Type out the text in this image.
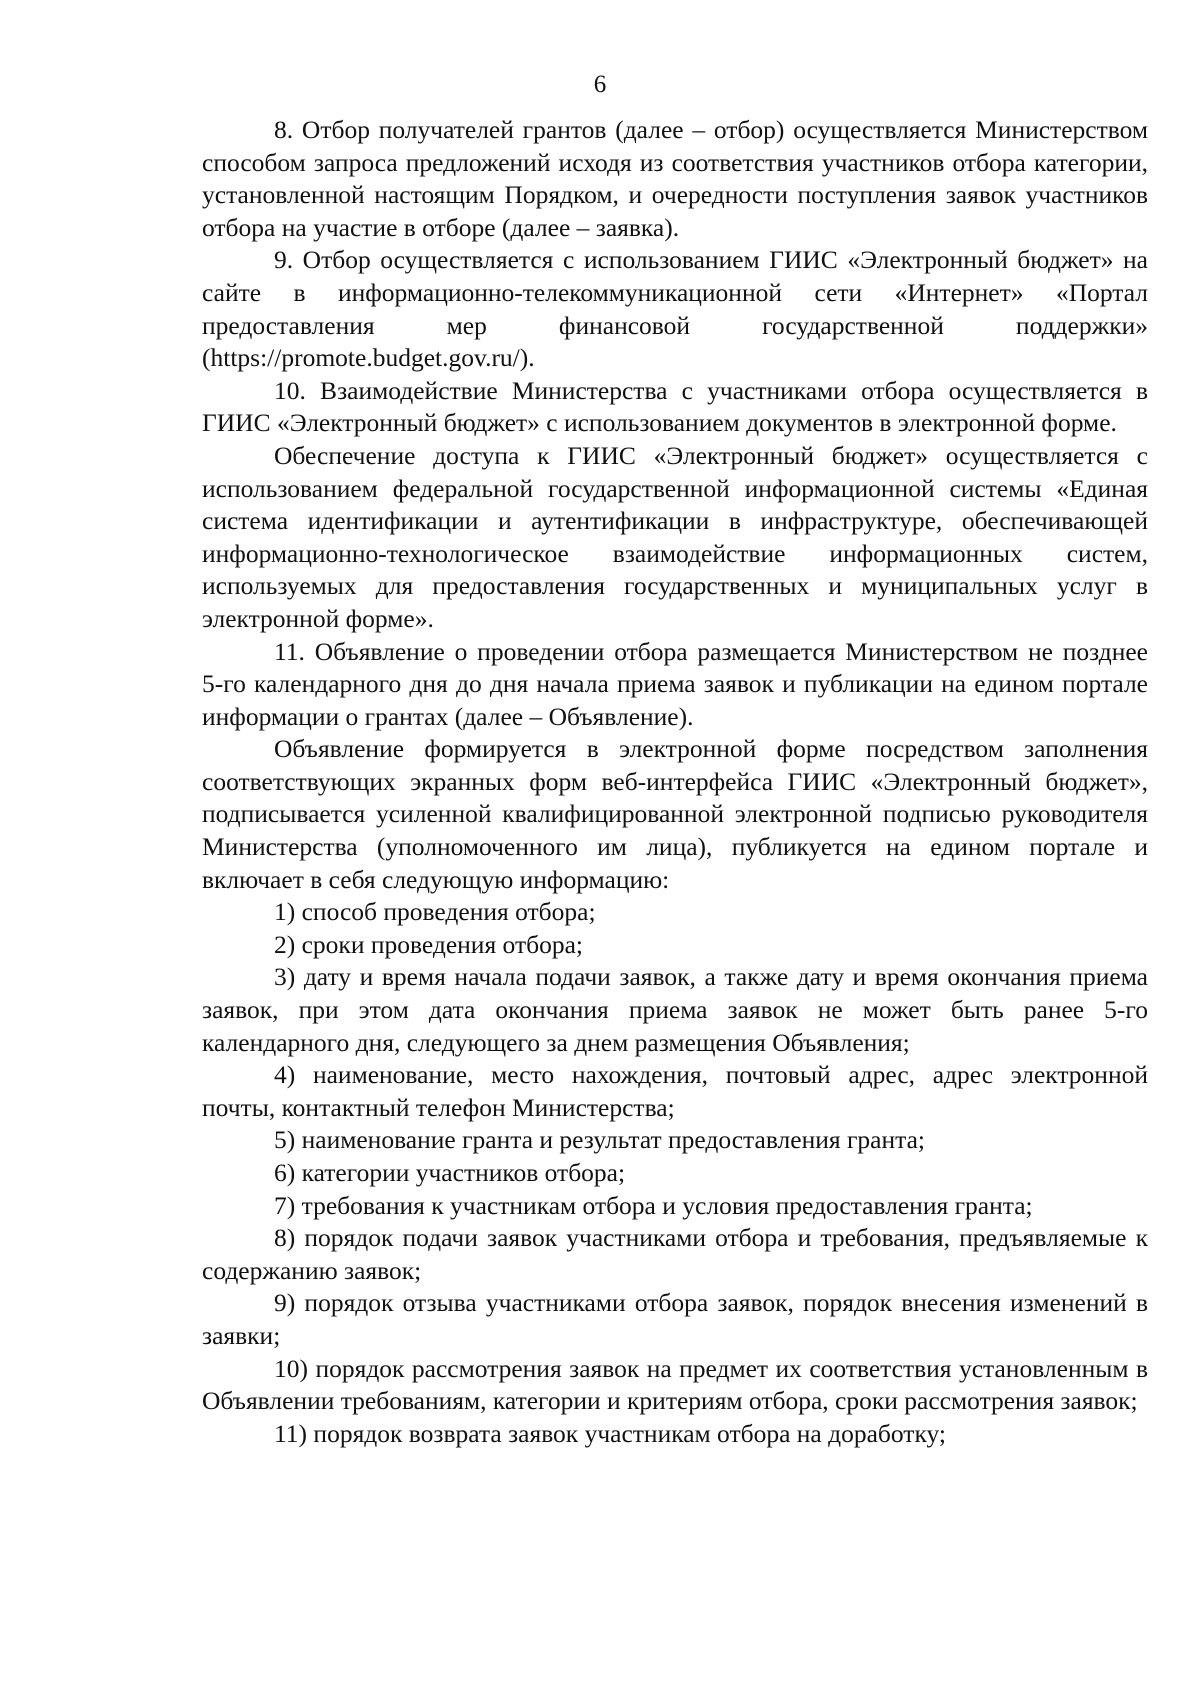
6

8. Отбор получателей грантов (далее – отбор) осуществляется Министерством способом запроса предложений исходя из соответствия участников отбора категории, установленной настоящим Порядком, и очередности поступления заявок участников отбора на участие в отборе (далее – заявка).

9. Отбор осуществляется с использованием ГИИС «Электронный бюджет» на сайте в информационно-телекоммуникационной сети «Интернет» «Портал предоставления мер финансовой государственной поддержки» (https://promote.budget.gov.ru/).

10. Взаимодействие Министерства с участниками отбора осуществляется в ГИИС «Электронный бюджет» с использованием документов в электронной форме.

Обеспечение доступа к ГИИС «Электронный бюджет» осуществляется с использованием федеральной государственной информационной системы «Единая система идентификации и аутентификации в инфраструктуре, обеспечивающей информационно-технологическое взаимодействие информационных систем, используемых для предоставления государственных и муниципальных услуг в электронной форме».

11. Объявление о проведении отбора размещается Министерством не позднее 5-го календарного дня до дня начала приема заявок и публикации на едином портале информации о грантах (далее – Объявление).

Объявление формируется в электронной форме посредством заполнения соответствующих экранных форм веб-интерфейса ГИИС «Электронный бюджет», подписывается усиленной квалифицированной электронной подписью руководителя Министерства (уполномоченного им лица), публикуется на едином портале и включает в себя следующую информацию:

1) способ проведения отбора;

2) сроки проведения отбора;

3) дату и время начала подачи заявок, а также дату и время окончания приема заявок, при этом дата окончания приема заявок не может быть ранее 5-го календарного дня, следующего за днем размещения Объявления;

4) наименование, место нахождения, почтовый адрес, адрес электронной почты, контактный телефон Министерства;

5) наименование гранта и результат предоставления гранта;

6) категории участников отбора;

7) требования к участникам отбора и условия предоставления гранта;

8) порядок подачи заявок участниками отбора и требования, предъявляемые к содержанию заявок;

9) порядок отзыва участниками отбора заявок, порядок внесения изменений в заявки;

10) порядок рассмотрения заявок на предмет их соответствия установленным в Объявлении требованиям, категории и критериям отбора, сроки рассмотрения заявок;

11) порядок возврата заявок участникам отбора на доработку;
